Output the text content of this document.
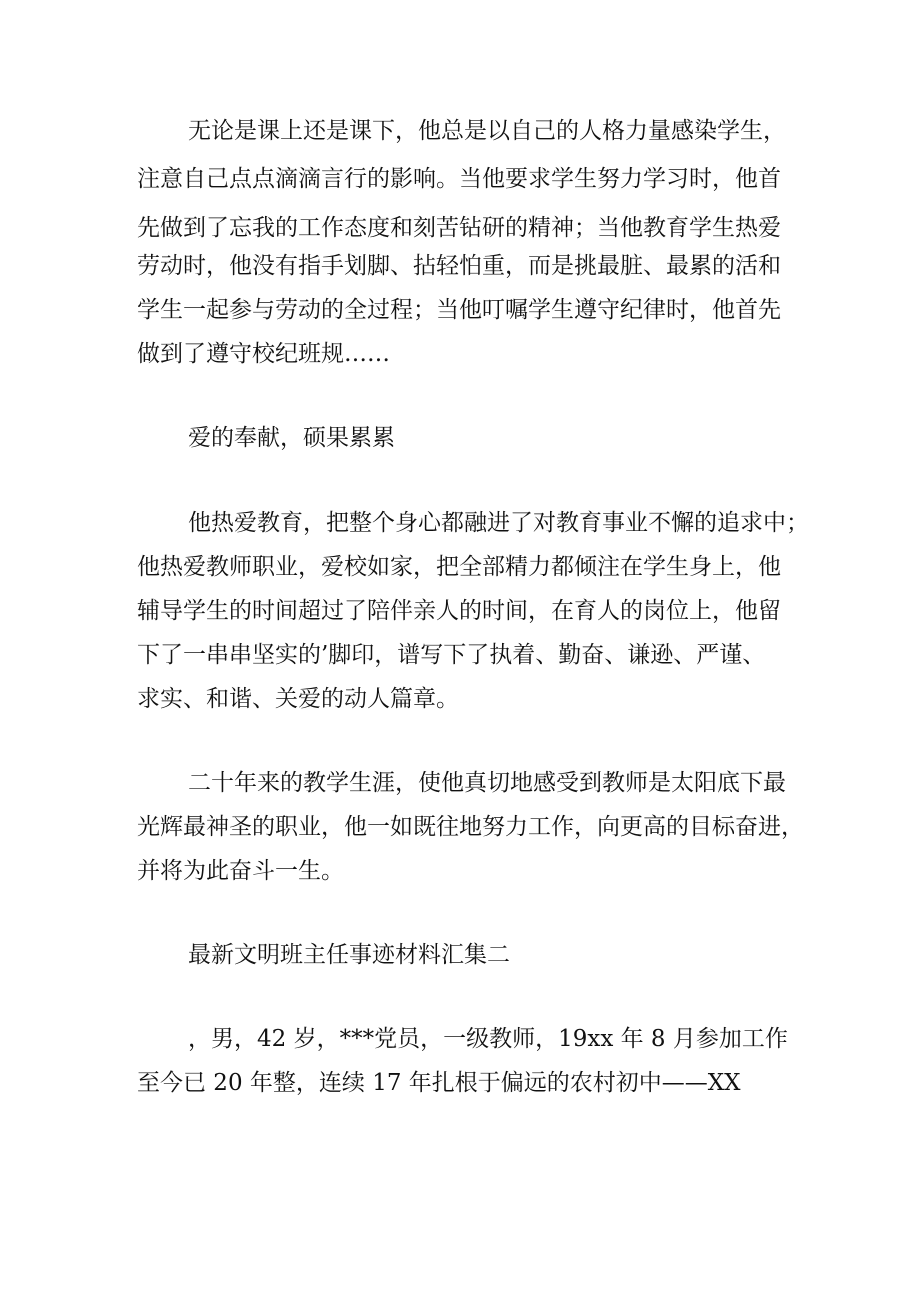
无论是课上还是课下，他总是以自己的人格力量感染学生，
注意自己点点滴滴言行的影响。当他要求学生努力学习时，他首
先做到了忘我的工作态度和刻苦钻研的精神；当他教育学生热爱
劳动时，他没有指手划脚、拈轻怕重，而是挑最脏、最累的活和
学生一起参与劳动的全过程；当他叮嘱学生遵守纪律时，他首先
做到了遵守校纪班规……
爱的奉献，硕果累累
他热爱教育，把整个身心都融进了对教育事业不懈的追求中；
他热爱教师职业，爱校如家，把全部精力都倾注在学生身上，他
辅导学生的时间超过了陪伴亲人的时间，在育人的岗位上，他留
下了一串串坚实的’脚印，谱写下了执着、勤奋、谦逊、严谨、
求实、和谐、关爱的动人篇章。
二十年来的教学生涯，使他真切地感受到教师是太阳底下最
光辉最神圣的职业，他一如既往地努力工作，向更高的目标奋进，
并将为此奋斗一生。
最新文明班主任事迹材料汇集二
，男，42 岁，***党员，一级教师，19xx 年 8 月参加工作
至今已 20 年整，连续 17 年扎根于偏远的农村初中——XX
